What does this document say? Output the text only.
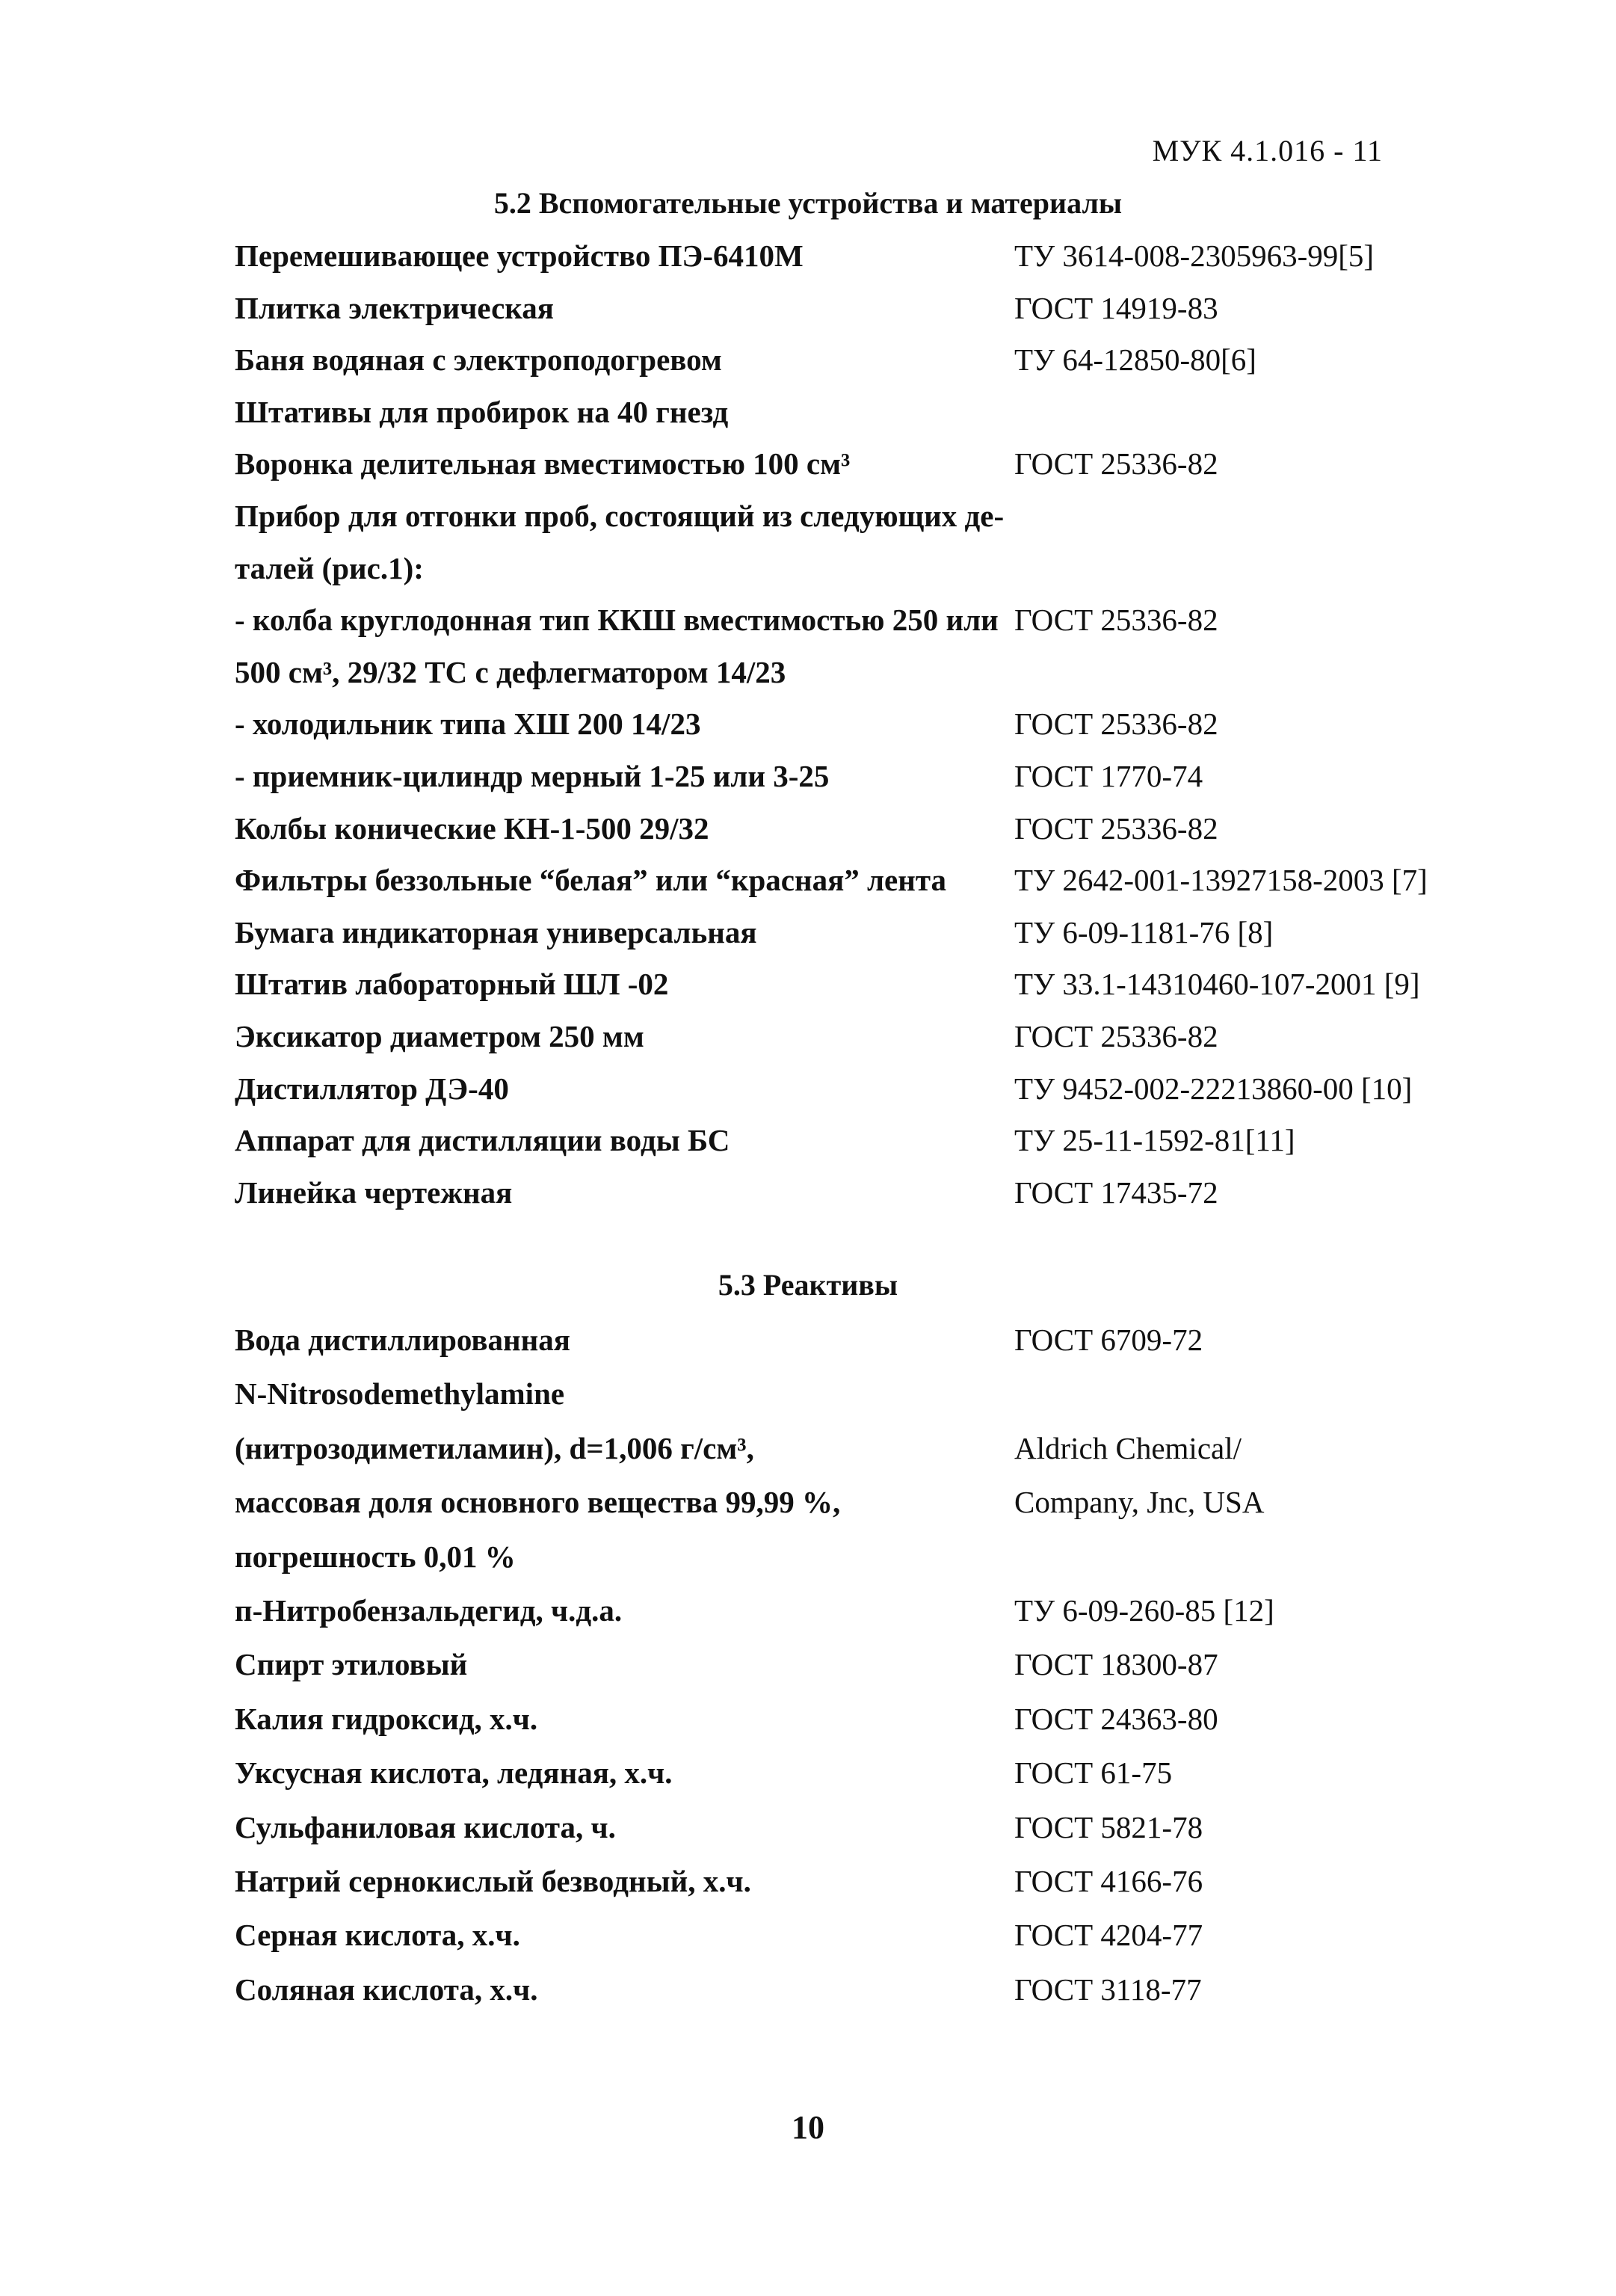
МУК 4.1.016 - 11
5.2 Вспомогательные устройства и материалы
Перемешивающее устройство ПЭ-6410М	ТУ 3614-008-2305963-99[5]
Плитка электрическая	ГОСТ 14919-83
Баня водяная с электроподогревом	ТУ 64-12850-80[6]
Штативы для пробирок на 40 гнезд
Воронка делительная вместимостью 100 см³	ГОСТ 25336-82
Прибор для отгонки проб, состоящий из следующих де-
талей (рис.1):
- колба круглодонная тип ККШ вместимостью 250 или ГОСТ 25336-82
500 см³, 29/32 ТС с дефлегматором 14/23
- холодильник типа ХШ 200 14/23	ГОСТ 25336-82
- приемник-цилиндр мерный 1-25 или 3-25	ГОСТ 1770-74
Колбы конические КН-1-500 29/32	ГОСТ 25336-82
Фильтры беззольные “белая” или “красная” лента ТУ 2642-001-13927158-2003 [7]
Бумага индикаторная универсальная	ТУ 6-09-1181-76 [8]
Штатив лабораторный ШЛ -02	ТУ 33.1-14310460-107-2001 [9]
Эксикатор диаметром 250 мм	ГОСТ 25336-82
Дистиллятор ДЭ-40	ТУ 9452-002-22213860-00 [10]
Аппарат для дистилляции воды БС	ТУ 25-11-1592-81[11]
Линейка чертежная	ГОСТ 17435-72
5.3 Реактивы
Вода дистиллированная	ГОСТ 6709-72
N-Nitrosodemethylamine
(нитрозодиметиламин), d=1,006 г/см³,	Aldrich Chemical/
массовая доля основного вещества 99,99 %,	Company, Jnc, USA
погрешность 0,01 %
п-Нитробензальдегид, ч.д.а.	ТУ 6-09-260-85 [12]
Спирт этиловый	ГОСТ 18300-87
Калия гидроксид, х.ч.	ГОСТ 24363-80
Уксусная кислота, ледяная, х.ч.	ГОСТ 61-75
Сульфаниловая кислота, ч.	ГОСТ 5821-78
Натрий сернокислый безводный, х.ч.	ГОСТ 4166-76
Серная кислота, х.ч.	ГОСТ 4204-77
Соляная кислота, х.ч.	ГОСТ 3118-77
10
